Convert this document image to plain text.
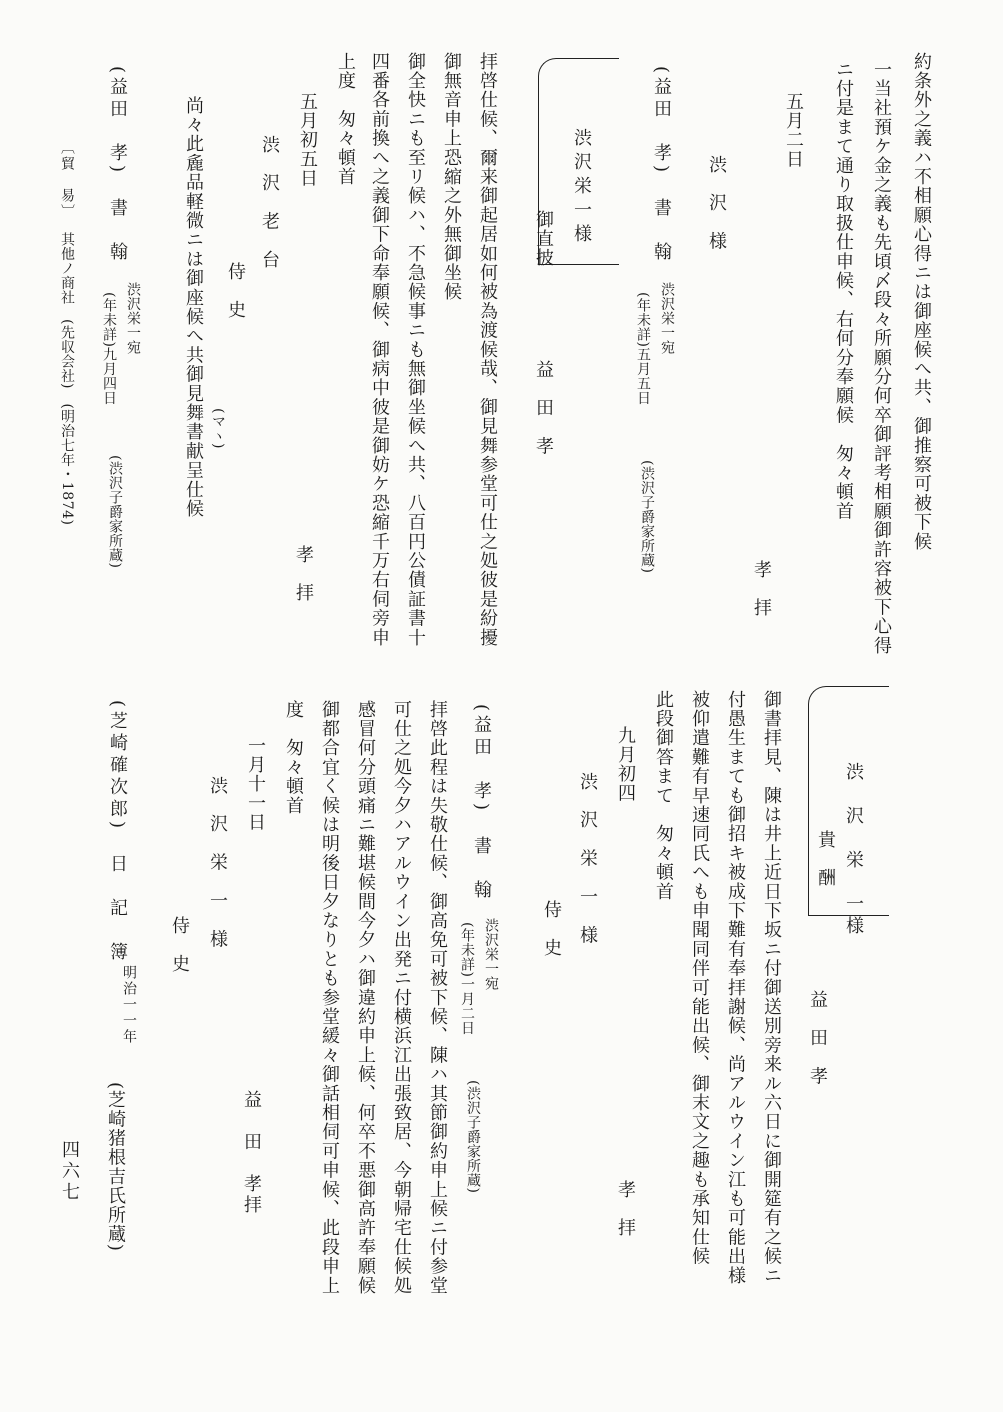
約条外之義ハ不相願心得ニは御座候へ共、御推察可被下候
一当社預ケ金之義も先頃〆段々所願分何卒御評考相願御許容被下心得
ニ付是まて通り取扱仕申候、右何分奉願候　匆々頓首
五月二日
渋　沢　様
孝　拝
(益田　孝)　書　翰
渋沢栄一宛
(年未詳)五月五日
(渋沢子爵家所蔵)
渋沢栄一様
御直披
益　田　孝
拝啓仕候、爾来御起居如何被為渡候哉、御見舞参堂可仕之処彼是紛擾
御無音申上恐縮之外無御坐候
御全快ニも至リ候ハ、不急候事ニも無御坐候へ共、八百円公債証書十
四番各前換へ之義御下命奉願候、御病中彼是御妨ケ恐縮千万右伺旁申
上度　匆々頓首
五月初五日
渋　沢　老　台
侍　史
孝　拝
尚々此麁品軽微ニは御座候へ共御見舞書献呈仕候 (マヽ)
(益田　孝)　書　翰
渋沢栄一宛
(年未詳)九月四日
(渋沢子爵家所蔵)
〔貿　易〕
其他ノ商社　(先収会社)　(明治七年・1874)
渋　沢　栄　一様
貴　酬
益　田　孝
御書拝見、陳は井上近日下坂ニ付御送別旁来ル六日に御開筵有之候ニ
付愚生まても御招キ被成下難有奉拝謝候、尚アルウイン江も可能出様
被仰遣難有早速同氏へも申聞同伴可能出候、御末文之趣も承知仕候
此段御答まて　匆々頓首
九月初四
渋　沢　栄　一　様
侍　史
孝　拝
(益田　孝)　書　翰
渋沢栄一宛
(年未詳)一月二日
(渋沢子爵家所蔵)
拝啓此程は失敬仕候、御高免可被下候、陳ハ其節御約申上候ニ付参堂
可仕之処今夕ハアルウイン出発ニ付横浜江出張致居、今朝帰宅仕候処
感冒何分頭痛ニ難堪候間今夕ハ御違約申上候、何卒不悪御高許奉願候
御都合宜く候は明後日夕なりとも参堂緩々御話相伺可申候、此段申上
度　匆々頓首
一月十一日
渋　沢　栄　一　様
侍　史
益　田　孝拝
(芝崎確次郎)　日　記　簿
明治一一年
(芝崎猪根吉氏所蔵)
四六七
